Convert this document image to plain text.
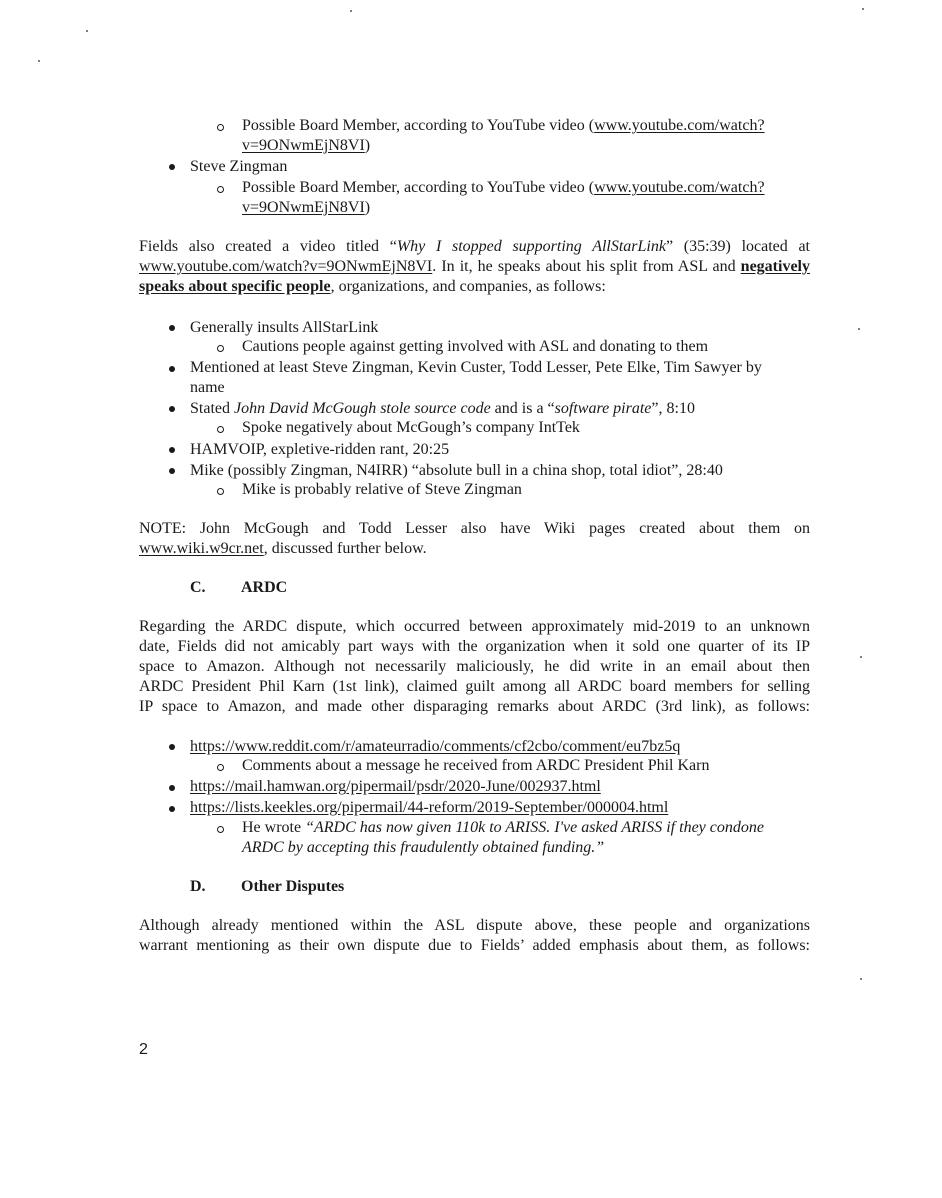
Possible Board Member, according to YouTube video (www.youtube.com/watch?

v=9ONwmEjN8VI)

Steve Zingman

Possible Board Member, according to YouTube video (www.youtube.com/watch?

v=9ONwmEjN8VI)

Fields also created a video titled “Why I stopped supporting AllStarLink” (35:39) located at www.youtube.com/watch?v=9ONwmEjN8VI. In it, he speaks about his split from ASL and negatively speaks about specific people, organizations, and companies, as follows:

Generally insults AllStarLink

Cautions people against getting involved with ASL and donating to them

Mentioned at least Steve Zingman, Kevin Custer, Todd Lesser, Pete Elke, Tim Sawyer by

name

Stated John David McGough stole source code and is a “software pirate”, 8:10

Spoke negatively about McGough’s company IntTek

HAMVOIP, expletive-ridden rant, 20:25

Mike (possibly Zingman, N4IRR) “absolute bull in a china shop, total idiot”, 28:40

Mike is probably relative of Steve Zingman

NOTE: John McGough and Todd Lesser also have Wiki pages created about them on www.wiki.w9cr.net, discussed further below.

C. ARDC

Regarding the ARDC dispute, which occurred between approximately mid-2019 to an unknown

date, Fields did not amicably part ways with the organization when it sold one quarter of its IP

space to Amazon. Although not necessarily maliciously, he did write in an email about then

ARDC President Phil Karn (1st link), claimed guilt among all ARDC board members for selling

IP space to Amazon, and made other disparaging remarks about ARDC (3rd link), as follows:

https://www.reddit.com/r/amateurradio/comments/cf2cbo/comment/eu7bz5q

Comments about a message he received from ARDC President Phil Karn

https://mail.hamwan.org/pipermail/psdr/2020-June/002937.html
https://lists.keekles.org/pipermail/44-reform/2019-September/000004.html

He wrote “ARDC has now given 110k to ARISS. I've asked ARISS if they condone

ARDC by accepting this fraudulently obtained funding.”

D. Other Disputes

Although already mentioned within the ASL dispute above, these people and organizations

warrant mentioning as their own dispute due to Fields’ added emphasis about them, as follows:

2
